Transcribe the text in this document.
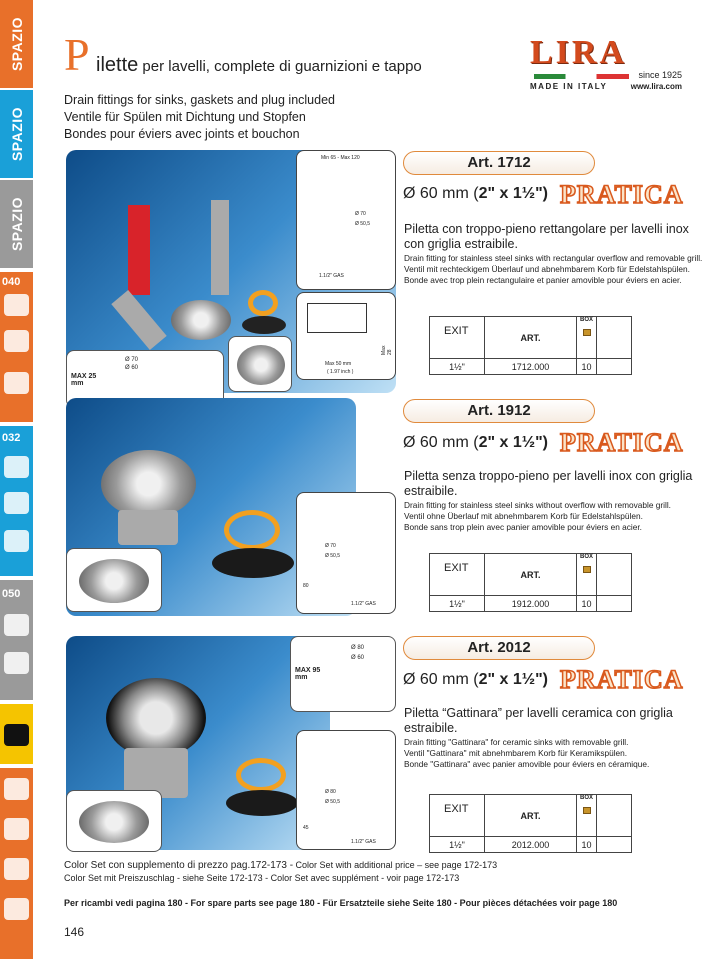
SPAZIO
SPAZIO
SPAZIO
040
032
050
P ilette per lavelli, complete di guarnizioni e tappo
Drain fittings for sinks, gaskets and plug included
Ventile für Spülen mit Dichtung und Stopfen
Bondes pour éviers avec joints et bouchon
LIRA
since 1925
MADE IN ITALY	www.lira.com
Min 65 - Max 120
Ø 70
Ø 50,5
1.1/2" GAS
Max 50 mm
( 1.97 inch )
Max 28
MAX 25 mm
Ø 70
Ø 60
Art. 1712
Ø 60 mm (2" x 1½") PRATICA
Piletta con troppo-pieno rettangolare per lavelli inox con griglia estraibile.
Drain fitting for stainless steel sinks with rectangular overflow and removable grill.
Ventil mit rechteckigem Überlauf und abnehmbarem Korb für Edelstahlspülen.
Bonde avec trop plein rectangulaire et panier amovible pour éviers en acier.
EXIT	ART.	BOX

1½"	1712.000	10	
Ø 70
Ø 50,5
80
1.1/2" GAS
Art. 1912
Ø 60 mm (2" x 1½") PRATICA
Piletta senza troppo-pieno per lavelli inox con griglia estraibile.
Drain fitting for stainless steel sinks without overflow with removable grill.
Ventil ohne Überlauf mit abnehmbarem Korb für Edelstahlspülen.
Bonde sans trop plein avec panier amovible pour éviers en acier.
EXIT	ART.	BOX

1½"	1912.000	10	
MAX 95 mm
Ø 80
Ø 60
Ø 80
Ø 50,5
45
1.1/2" GAS
Art. 2012
Ø 60 mm (2" x 1½") PRATICA
Piletta “Gattinara” per lavelli ceramica con griglia estraibile.
Drain fitting "Gattinara" for ceramic sinks with removable grill.
Ventil "Gattinara" mit abnehmbarem Korb für Keramikspülen.
Bonde "Gattinara" avec panier amovible pour éviers en céramique.
EXIT	ART.	BOX

1½"	2012.000	10	
Color Set con supplemento di prezzo pag.172-173 - Color Set with additional price – see page 172-173
Color Set mit Preiszuschlag - siehe Seite 172-173 - Color Set avec supplément - voir page 172-173
Per ricambi vedi pagina 180 - For spare parts see page 180 - Für Ersatzteile siehe Seite 180 - Pour pièces détachées voir page 180
146
